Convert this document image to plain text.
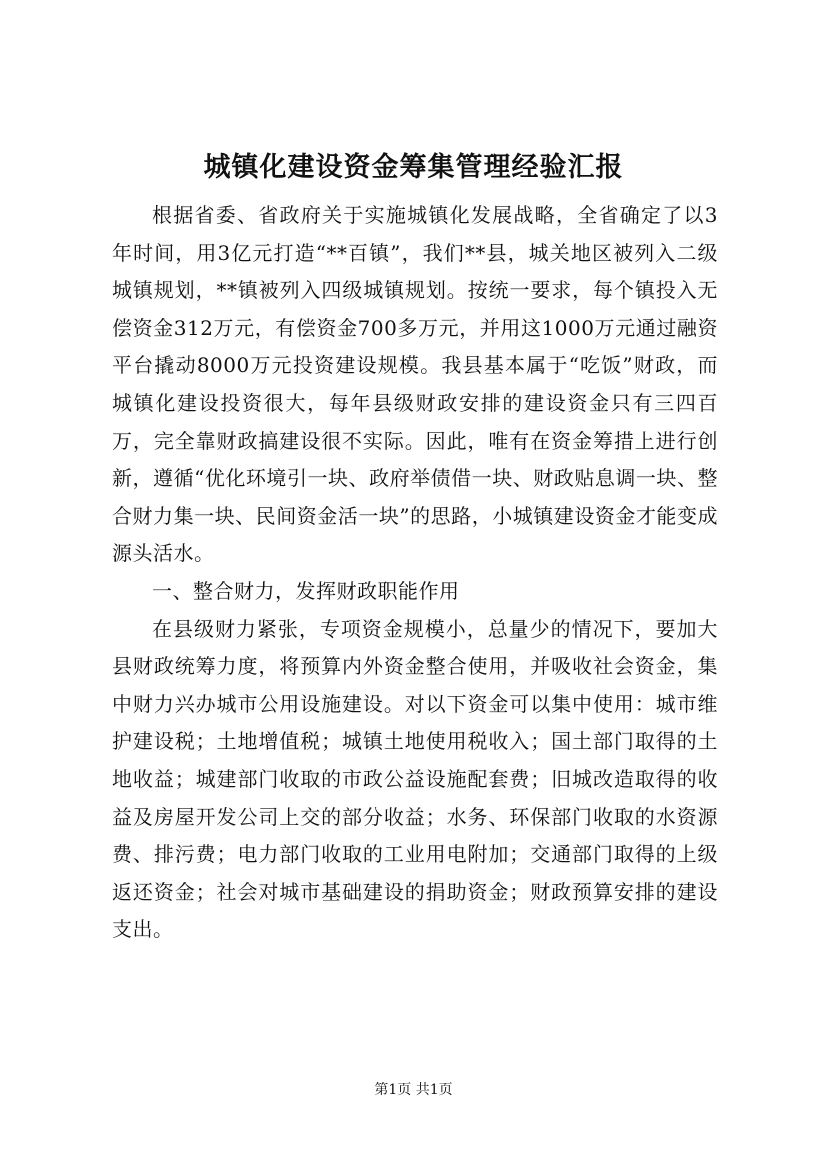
城镇化建设资金筹集管理经验汇报

根据省委、省政府关于实施城镇化发展战略，全省确定了以3年时间，用3亿元打造“**百镇”，我们**县，城关地区被列入二级城镇规划，**镇被列入四级城镇规划。按统一要求，每个镇投入无偿资金312万元，有偿资金700多万元，并用这1000万元通过融资平台撬动8000万元投资建设规模。我县基本属于“吃饭”财政，而城镇化建设投资很大，每年县级财政安排的建设资金只有三四百万，完全靠财政搞建设很不实际。因此，唯有在资金筹措上进行创新，遵循“优化环境引一块、政府举债借一块、财政贴息调一块、整合财力集一块、民间资金活一块”的思路，小城镇建设资金才能变成源头活水。

一、整合财力，发挥财政职能作用

在县级财力紧张，专项资金规模小，总量少的情况下，要加大县财政统筹力度，将预算内外资金整合使用，并吸收社会资金，集中财力兴办城市公用设施建设。对以下资金可以集中使用：城市维护建设税；土地增值税；城镇土地使用税收入；国土部门取得的土地收益；城建部门收取的市政公益设施配套费；旧城改造取得的收益及房屋开发公司上交的部分收益；水务、环保部门收取的水资源费、排污费；电力部门收取的工业用电附加；交通部门取得的上级返还资金；社会对城市基础建设的捐助资金；财政预算安排的建设支出。

第1页 共1页
